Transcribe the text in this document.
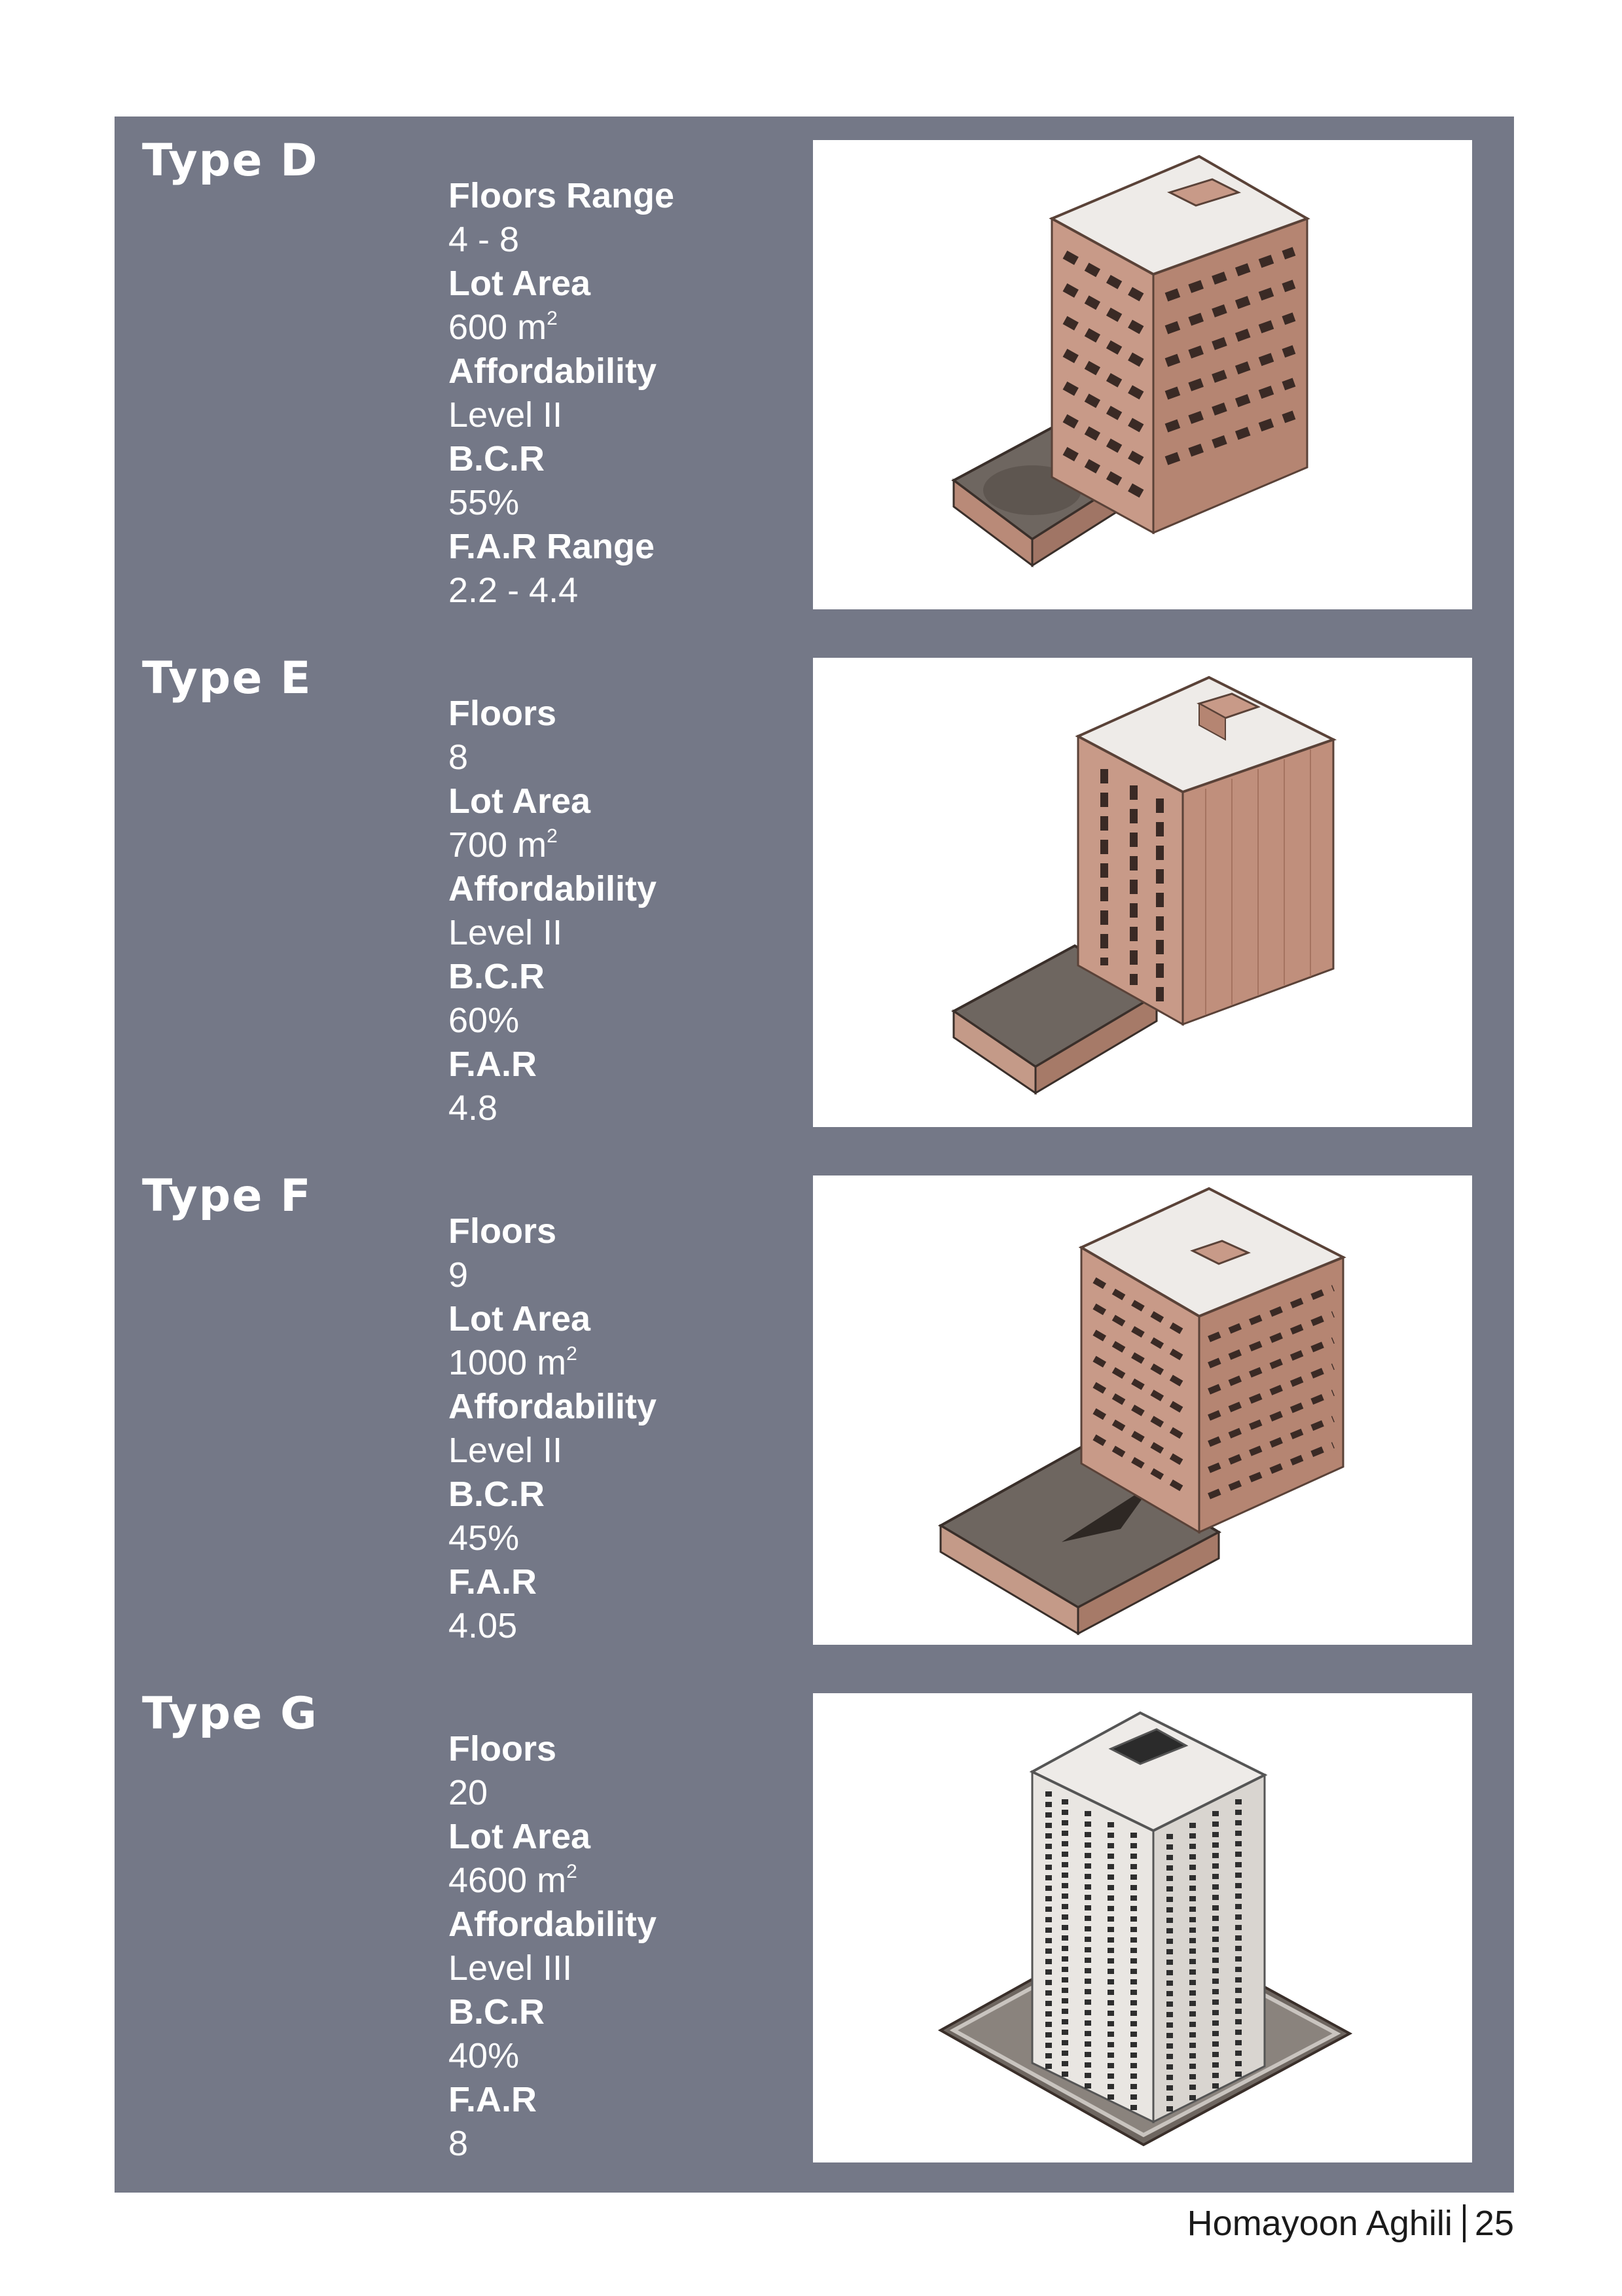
Type D
Floors Range
4 - 8
Lot Area
600 $m^2$
Affordability
Level II
B.C.R
55%
F.A.R Range
2.2 - 4.4
Type E
Floors
8
Lot Area
700 $m^2$
Affordability
Level II
B.C.R
60%
F.A.R
4.8
Type F
Floors
9
Lot Area
1000 $m^2$
Affordability
Level II
B.C.R
45%
F.A.R
4.05
Type G
Floors
20
Lot Area
4600 $m^2$
Affordability
Level III
B.C.R
40%
F.A.R
8
Homayoon Aghili 25
